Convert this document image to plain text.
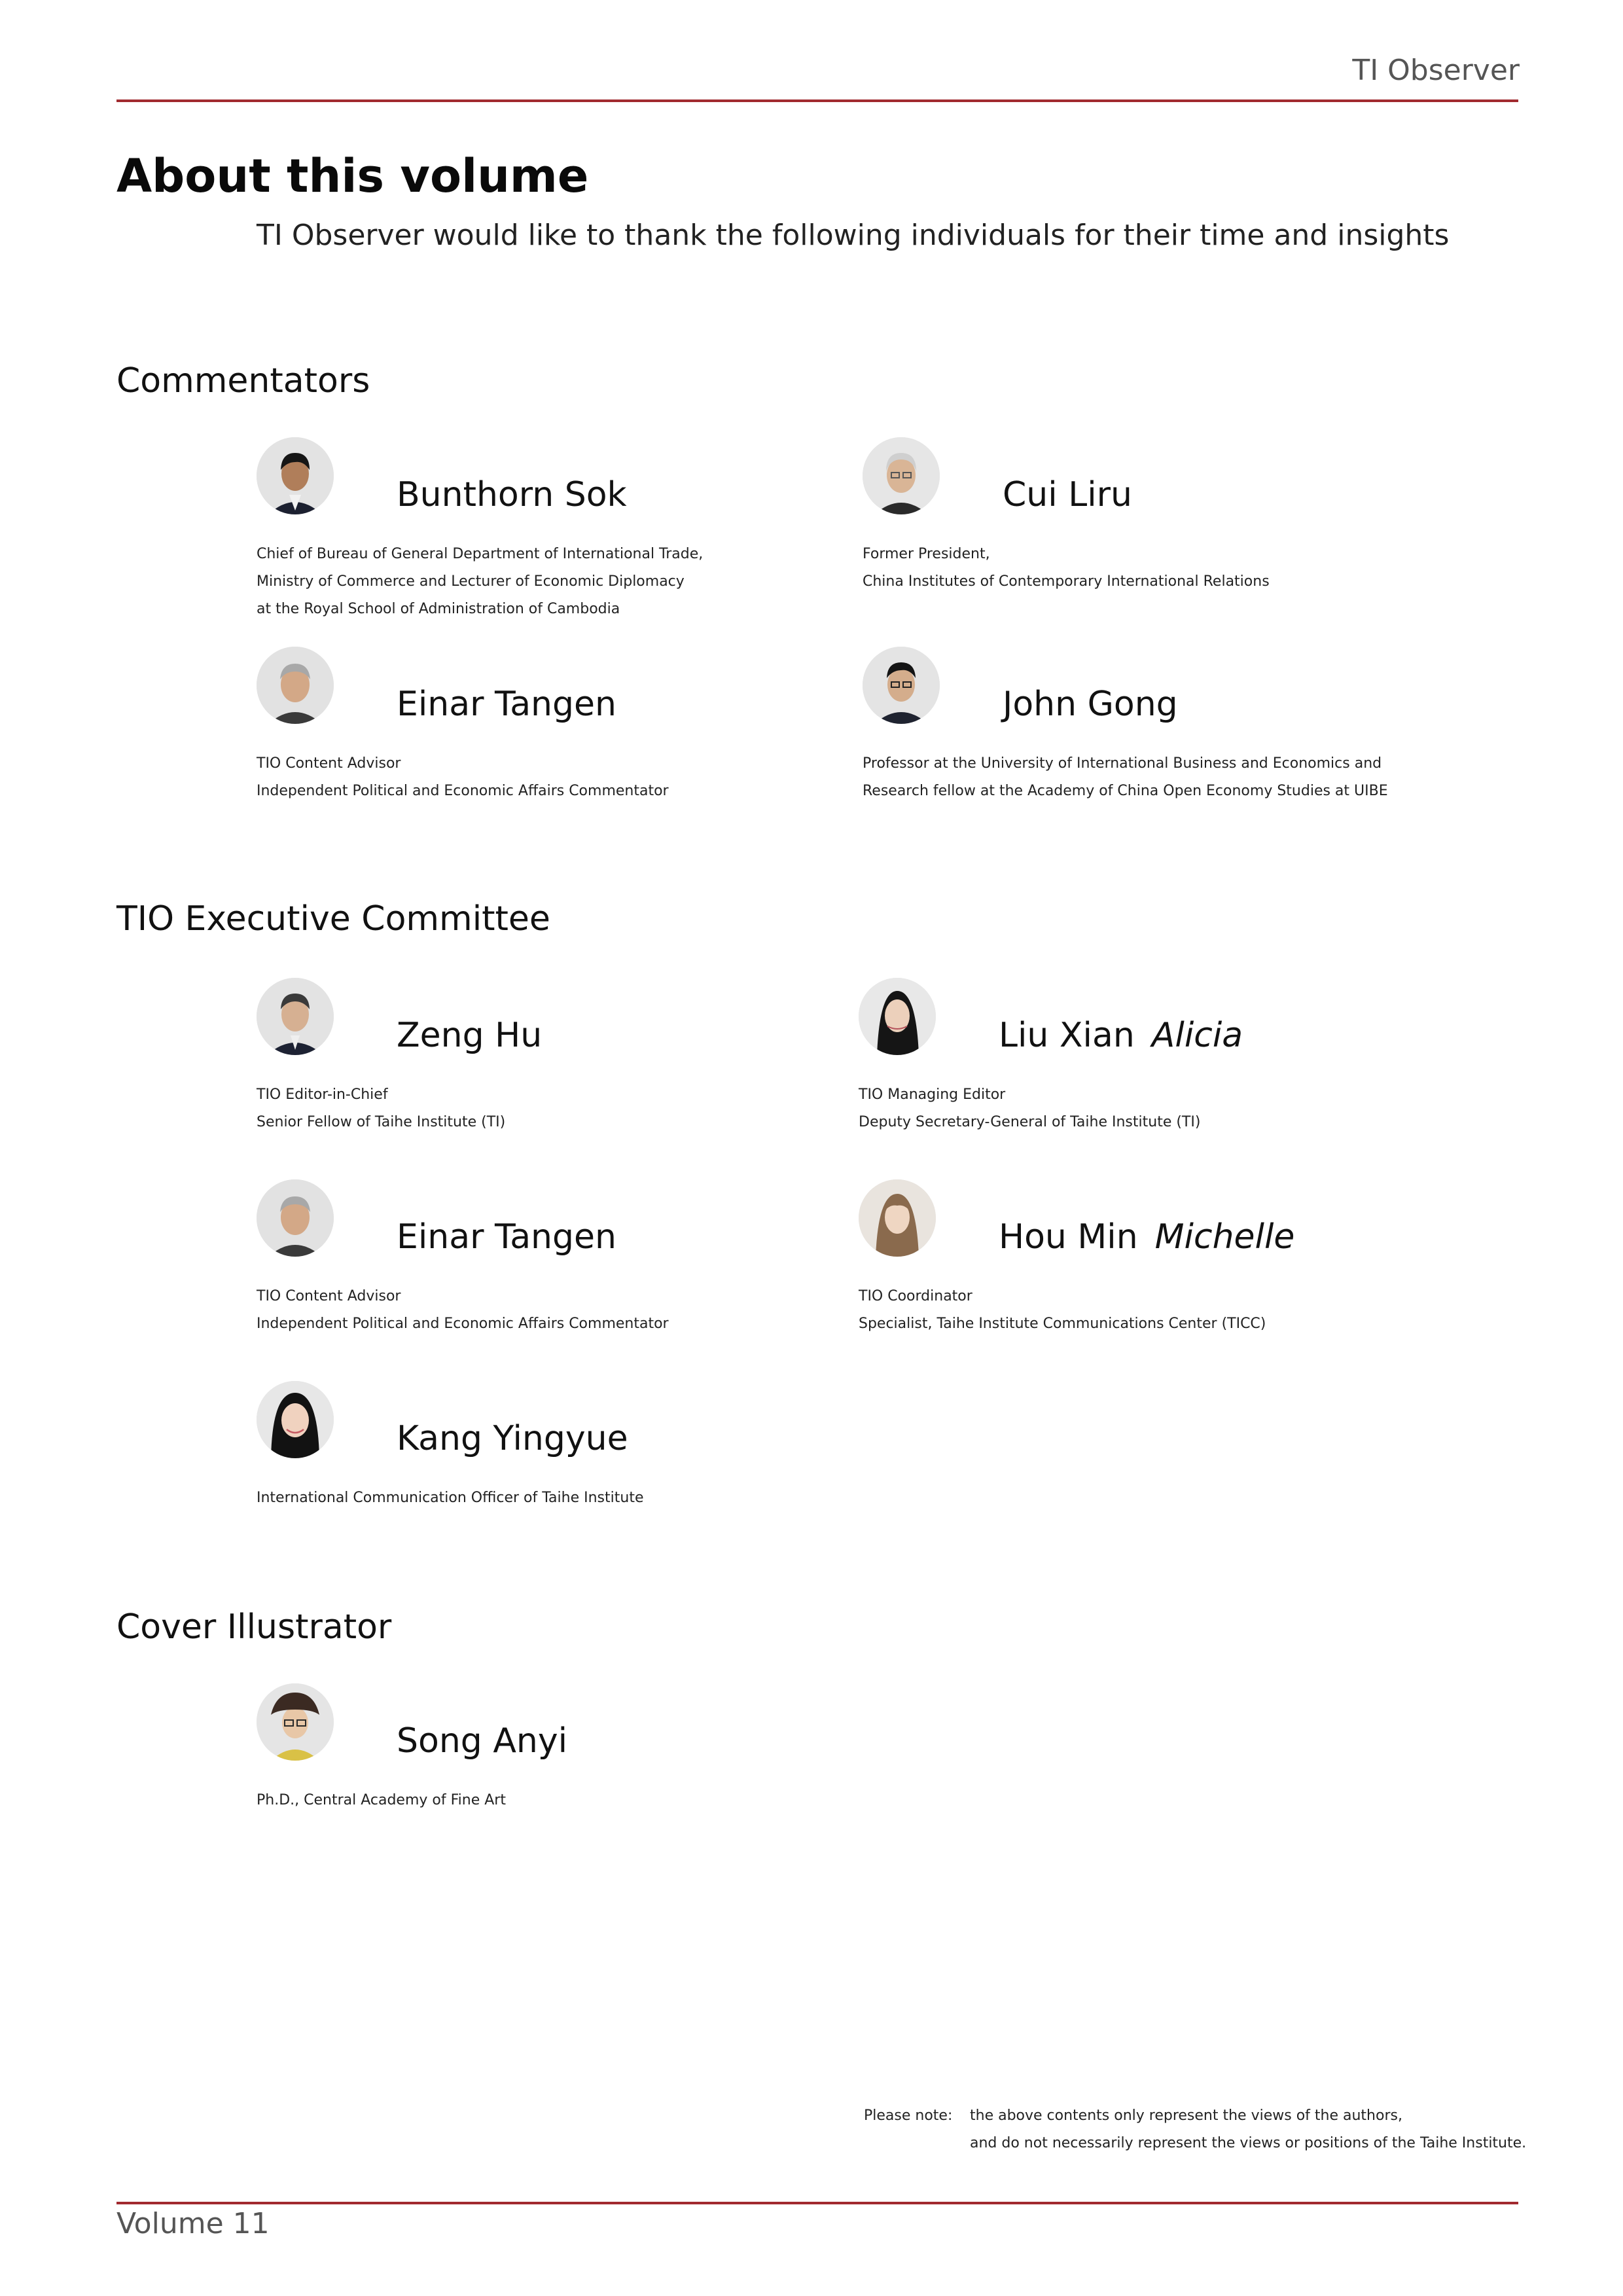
TI Observer
About this volume
TI Observer would like to thank the following individuals for their time and insights
Commentators
Bunthorn Sok
Chief of Bureau of General Department of International Trade,
Ministry of Commerce and Lecturer of Economic Diplomacy
at the Royal School of Administration of Cambodia
Cui Liru
Former President,
China Institutes of Contemporary International Relations
Einar Tangen
TIO Content Advisor
Independent Political and Economic Affairs Commentator
John Gong
Professor at the University of International Business and Economics and
Research fellow at the Academy of China Open Economy Studies at UIBE
TIO Executive Committee
Zeng Hu
TIO Editor-in-Chief
Senior Fellow of Taihe Institute (TI)
Liu Xian Alicia
TIO Managing Editor
Deputy Secretary-General of Taihe Institute (TI)
Einar Tangen
TIO Content Advisor
Independent Political and Economic Affairs Commentator
Hou Min Michelle
TIO Coordinator
Specialist, Taihe Institute Communications Center (TICC)
Kang Yingyue
International Communication Officer of Taihe Institute
Cover Illustrator
Song Anyi
Ph.D., Central Academy of Fine Art
Please note: the above contents only represent the views of the authors,
and do not necessarily represent the views or positions of the Taihe Institute.
Volume 11
